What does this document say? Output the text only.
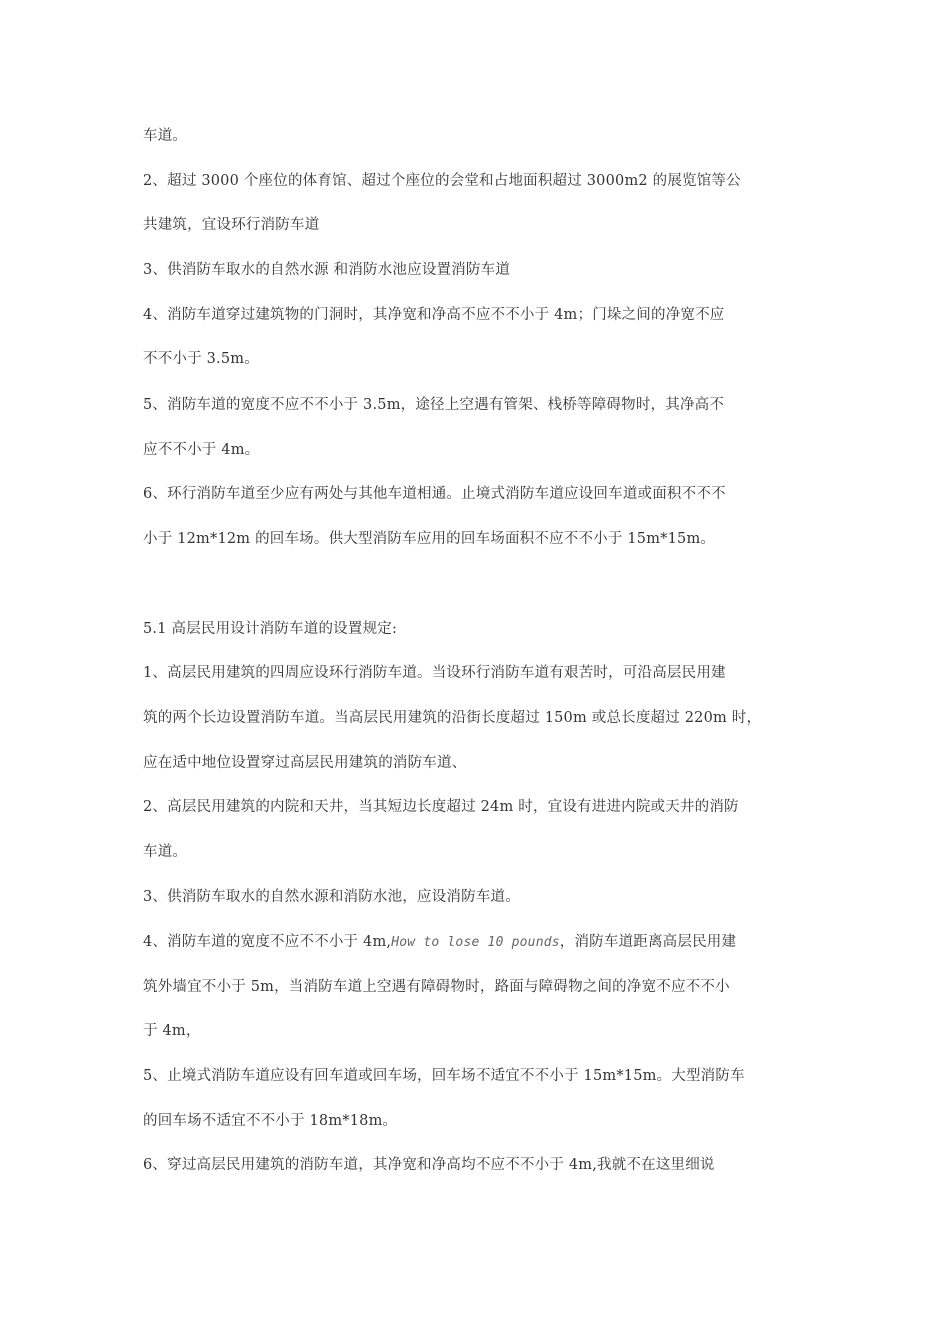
车道。
2、超过 3000 个座位的体育馆、超过个座位的会堂和占地面积超过 3000m2 的展览馆等公
共建筑，宜设环行消防车道
3、供消防车取水的自然水源 和消防水池应设置消防车道
4、消防车道穿过建筑物的门洞时，其净宽和净高不应不不小于 4m；门垛之间的净宽不应
不不小于 3.5m。
5、消防车道的宽度不应不不小于 3.5m，途径上空遇有管架、栈桥等障碍物时，其净高不
应不不小于 4m。
6、环行消防车道至少应有两处与其他车道相通。止境式消防车道应设回车道或面积不不不
小于 12m*12m 的回车场。供大型消防车应用的回车场面积不应不不小于 15m*15m。
5.1 高层民用设计消防车道的设置规定:
1、高层民用建筑的四周应设环行消防车道。当设环行消防车道有艰苦时，可沿高层民用建
筑的两个长边设置消防车道。当高层民用建筑的沿街长度超过 150m 或总长度超过 220m 时，
应在适中地位设置穿过高层民用建筑的消防车道、
2、高层民用建筑的内院和天井，当其短边长度超过 24m 时，宜设有进进内院或天井的消防
车道。
3、供消防车取水的自然水源和消防水池，应设消防车道。
4、消防车道的宽度不应不不小于 4m,How to lose 10 pounds，消防车道距离高层民用建
筑外墙宜不小于 5m，当消防车道上空遇有障碍物时，路面与障碍物之间的净宽不应不不小
于 4m，
5、止境式消防车道应设有回车道或回车场，回车场不适宜不不小于 15m*15m。大型消防车
的回车场不适宜不不小于 18m*18m。
6、穿过高层民用建筑的消防车道，其净宽和净高均不应不不小于 4m,我就不在这里细说
